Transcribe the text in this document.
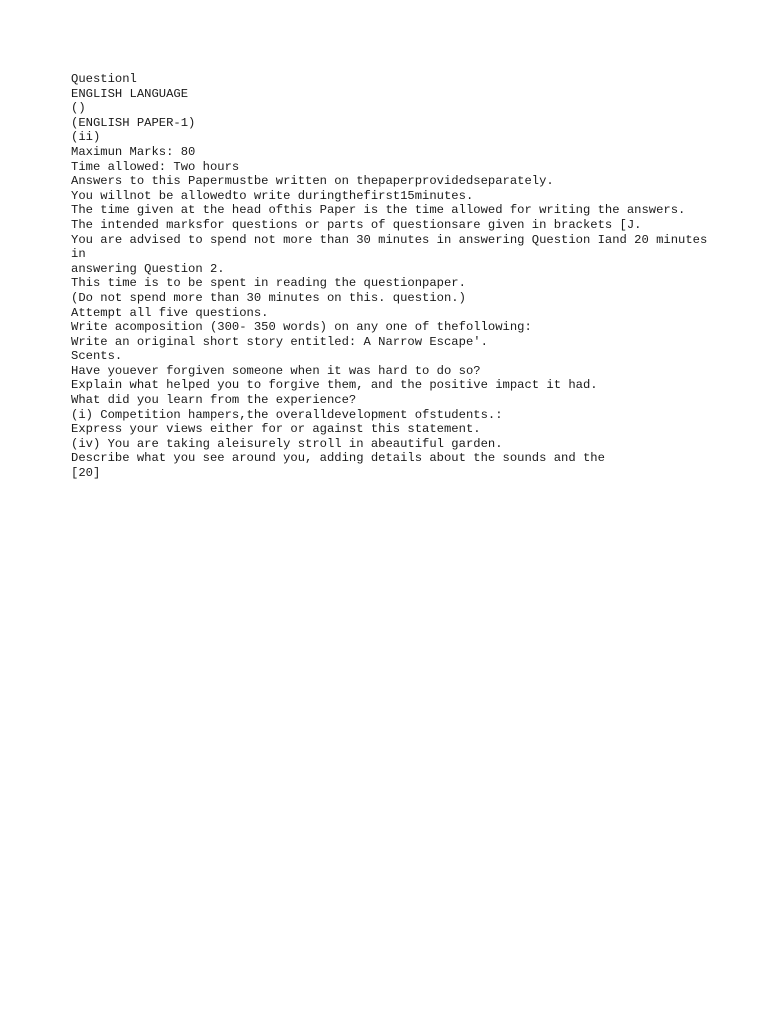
Questionl
ENGLISH LANGUAGE
()
(ENGLISH PAPER-1)
(ii)
Maximun Marks: 80
Time allowed: Two hours
Answers to this Papermustbe written on thepaperprovidedseparately.
You willnot be allowedto write duringthefirst15minutes.
The time given at the head ofthis Paper is the time allowed for writing the answers.
The intended marksfor questions or parts of questionsare given in brackets [J.
You are advised to spend not more than 30 minutes in answering Question Iand 20 minutes in
answering Question 2.
This time is to be spent in reading the questionpaper.
(Do not spend more than 30 minutes on this. question.)
Attempt all five questions.
Write acomposition (300- 350 words) on any one of thefollowing:
Write an original short story entitled: A Narrow Escape'.
Scents.
Have youever forgiven someone when it was hard to do so?
Explain what helped you to forgive them, and the positive impact it had.
What did you learn from the experience?
(i) Competition hampers,the overalldevelopment ofstudents.:
Express your views either for or against this statement.
(iv) You are taking aleisurely stroll in abeautiful garden.
Describe what you see around you, adding details about the sounds and the
[20]
